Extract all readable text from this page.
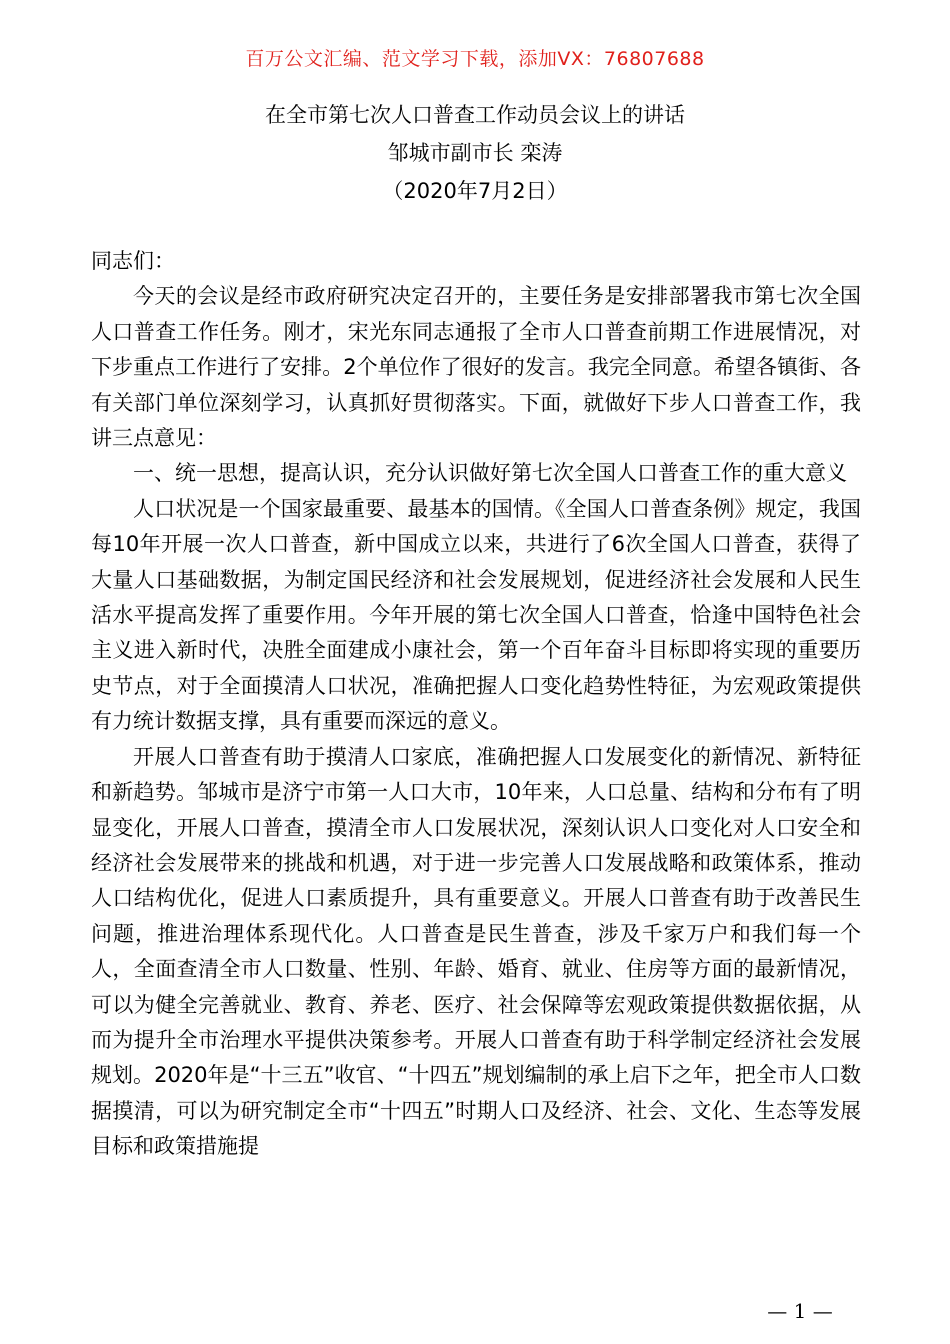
百万公文汇编、范文学习下载，添加VX：76807688
在全市第七次人口普查工作动员会议上的讲话
邹城市副市长 栾涛
（2020年7月2日）

同志们：

今天的会议是经市政府研究决定召开的，主要任务是安排部署我市第七次全国人口普查工作任务。刚才，宋光东同志通报了全市人口普查前期工作进展情况，对下步重点工作进行了安排。2个单位作了很好的发言。我完全同意。希望各镇街、各有关部门单位深刻学习，认真抓好贯彻落实。下面，就做好下步人口普查工作，我讲三点意见：

一、统一思想，提高认识，充分认识做好第七次全国人口普查工作的重大意义

人口状况是一个国家最重要、最基本的国情。《全国人口普查条例》规定，我国每10年开展一次人口普查，新中国成立以来，共进行了6次全国人口普查，获得了大量人口基础数据，为制定国民经济和社会发展规划，促进经济社会发展和人民生活水平提高发挥了重要作用。今年开展的第七次全国人口普查，恰逢中国特色社会主义进入新时代，决胜全面建成小康社会，第一个百年奋斗目标即将实现的重要历史节点，对于全面摸清人口状况，准确把握人口变化趋势性特征，为宏观政策提供有力统计数据支撑，具有重要而深远的意义。

开展人口普查有助于摸清人口家底，准确把握人口发展变化的新情况、新特征和新趋势。邹城市是济宁市第一人口大市，10年来，人口总量、结构和分布有了明显变化，开展人口普查，摸清全市人口发展状况，深刻认识人口变化对人口安全和经济社会发展带来的挑战和机遇，对于进一步完善人口发展战略和政策体系，推动人口结构优化，促进人口素质提升，具有重要意义。开展人口普查有助于改善民生问题，推进治理体系现代化。人口普查是民生普查，涉及千家万户和我们每一个人，全面查清全市人口数量、性别、年龄、婚育、就业、住房等方面的最新情况，可以为健全完善就业、教育、养老、医疗、社会保障等宏观政策提供数据依据，从而为提升全市治理水平提供决策参考。开展人口普查有助于科学制定经济社会发展规划。2020年是“十三五”收官、“十四五”规划编制的承上启下之年，把全市人口数据摸清，可以为研究制定全市“十四五”时期人口及经济、社会、文化、生态等发展目标和政策措施提

— 1 —
